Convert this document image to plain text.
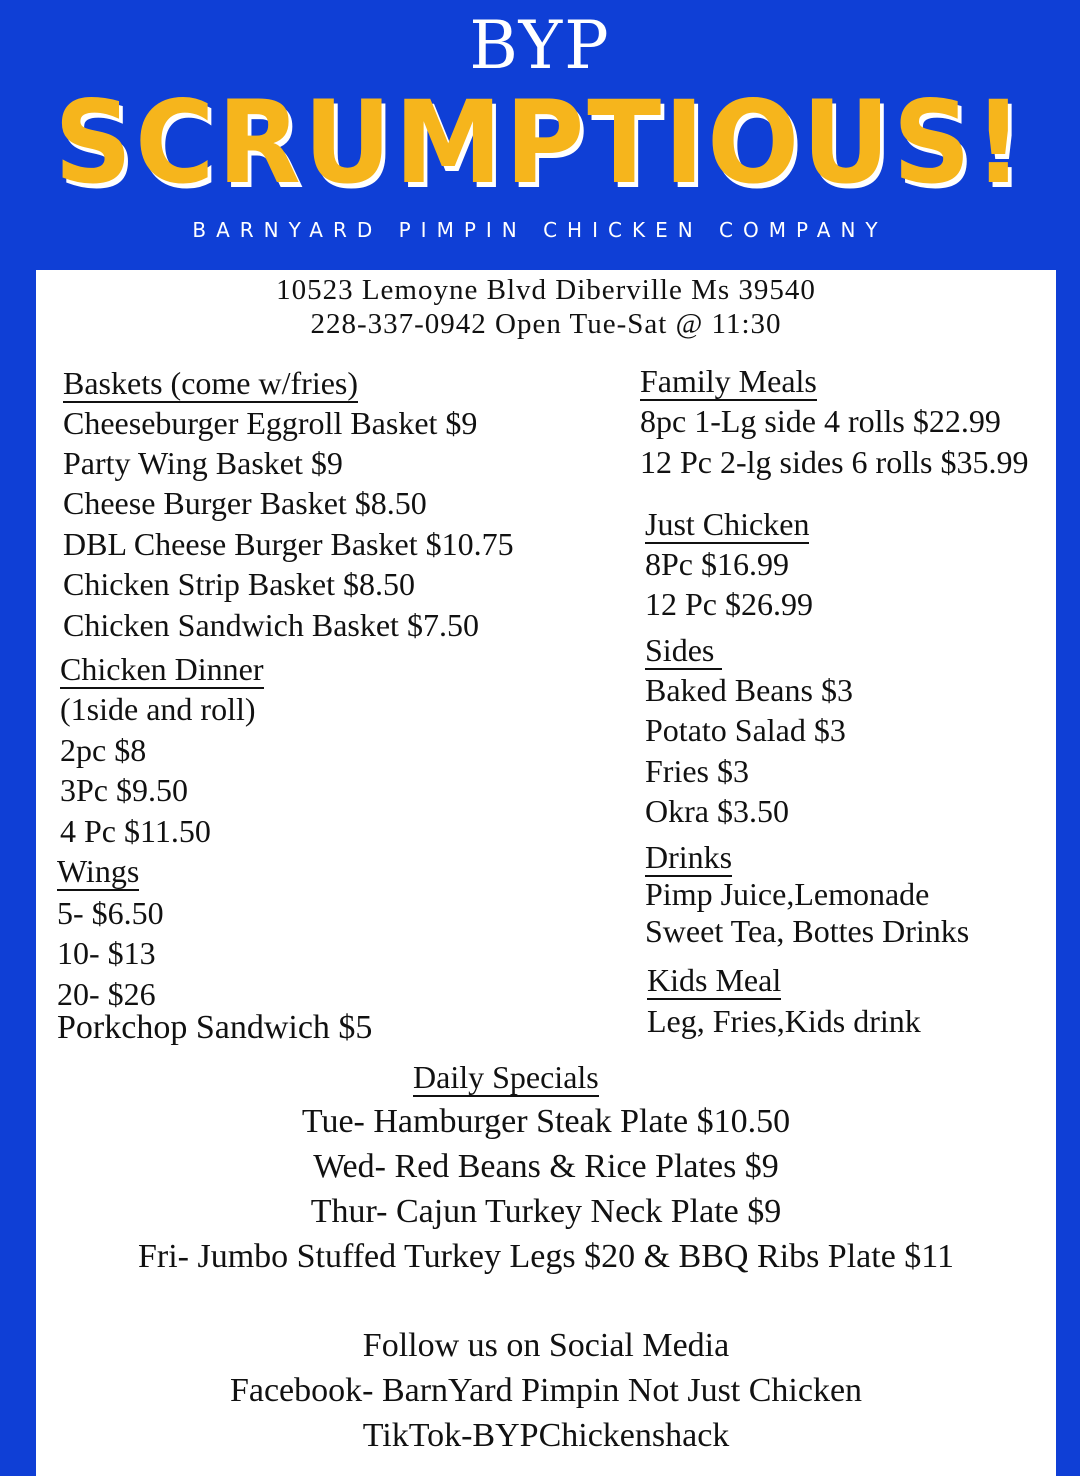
BYP
SCRUMPTIOUS!
BARNYARD PIMPIN CHICKEN COMPANY
10523 Lemoyne Blvd Diberville Ms 39540
228-337-0942 Open Tue-Sat @ 11:30
Baskets (come w/fries)
Cheeseburger Eggroll Basket $9
Party Wing Basket $9
Cheese Burger Basket $8.50
DBL Cheese Burger Basket $10.75
Chicken Strip Basket $8.50
Chicken Sandwich Basket $7.50
Chicken Dinner
(1side and roll)
2pc $8
3Pc $9.50
4 Pc $11.50
Wings
5- $6.50
10- $13
20- $26
Porkchop Sandwich $5
Family Meals
8pc 1-Lg side 4 rolls $22.99
12 Pc 2-lg sides 6 rolls $35.99
Just Chicken
8Pc $16.99
12 Pc $26.99
Sides
Baked Beans $3
Potato Salad $3
Fries $3
Okra $3.50
Drinks
Pimp Juice,Lemonade
Sweet Tea, Bottes Drinks
Kids Meal
Leg, Fries,Kids drink
Daily Specials
Tue- Hamburger Steak Plate $10.50
Wed- Red Beans & Rice Plates $9
Thur- Cajun Turkey Neck Plate $9
Fri- Jumbo Stuffed Turkey Legs $20 & BBQ Ribs Plate $11
Follow us on Social Media
Facebook- BarnYard Pimpin Not Just Chicken
TikTok-BYPChickenshack
